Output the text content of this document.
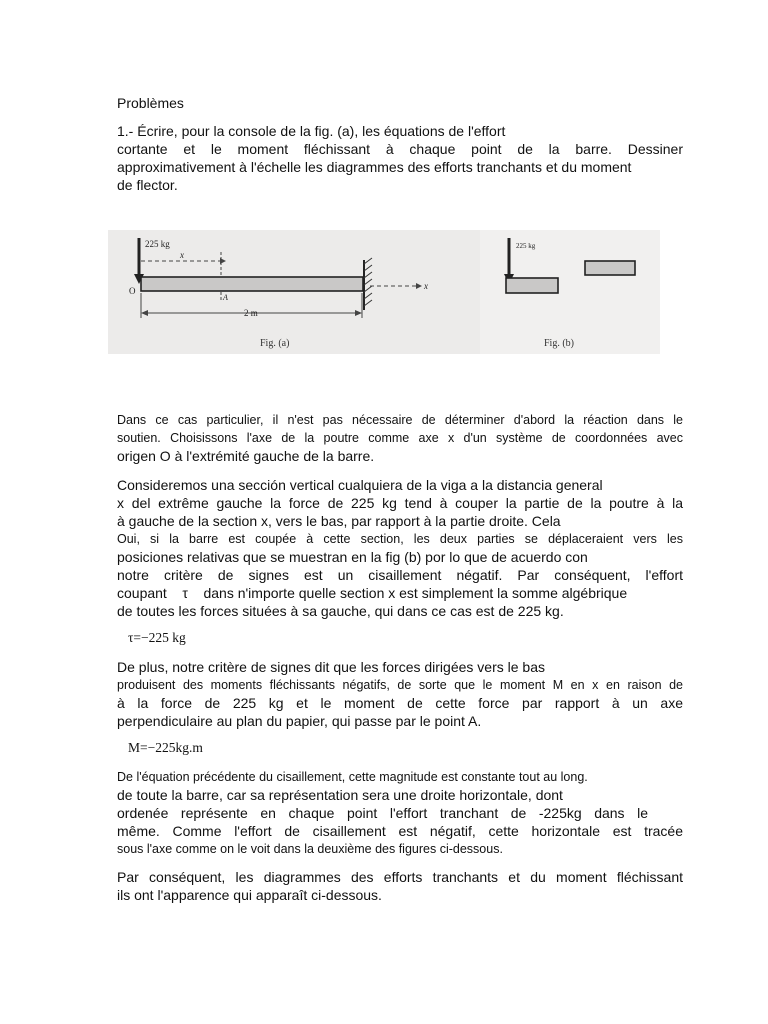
Problèmes
1.- Écrire, pour la console de la fig. (a), les équations de l'effort
cortante et le moment fléchissant à chaque point de la barre. Dessiner
approximativement à l'échelle les diagrammes des efforts tranchants et du moment
de flector.
225 kg
x
O
A
x
2 m
Fig. (a)
225 kg
Fig. (b)
Dans ce cas particulier, il n'est pas nécessaire de déterminer d'abord la réaction dans le
soutien. Choisissons l'axe de la poutre comme axe x d'un système de coordonnées avec
origen O à l'extrémité gauche de la barre.
Consideremos una sección vertical cualquiera de la viga a la distancia general
x del extrême gauche la force de 225 kg tend à couper la partie de la poutre à la
à gauche de la section x, vers le bas, par rapport à la partie droite. Cela
Oui, si la barre est coupée à cette section, les deux parties se déplaceraient vers les
posiciones relativas que se muestran en la fig (b) por lo que de acuerdo con
notre critère de signes est un cisaillement négatif. Par conséquent, l'effort
coupant    τ    dans n'importe quelle section x est simplement la somme algébrique
de toutes les forces situées à sa gauche, qui dans ce cas est de 225 kg.
τ=−225 kg
De plus, notre critère de signes dit que les forces dirigées vers le bas
produisent des moments fléchissants négatifs, de sorte que le moment M en x en raison de
à la force de 225 kg et le moment de cette force par rapport à un axe
perpendiculaire au plan du papier, qui passe par le point A.
M=−225kg.m
De l'équation précédente du cisaillement, cette magnitude est constante tout au long.
de toute la barre, car sa représentation sera une droite horizontale, dont
ordenée représente en chaque point l'effort tranchant de -225kg dans le
même. Comme l'effort de cisaillement est négatif, cette horizontale est tracée
sous l'axe comme on le voit dans la deuxième des figures ci-dessous.
Par conséquent, les diagrammes des efforts tranchants et du moment fléchissant
ils ont l'apparence qui apparaît ci-dessous.
